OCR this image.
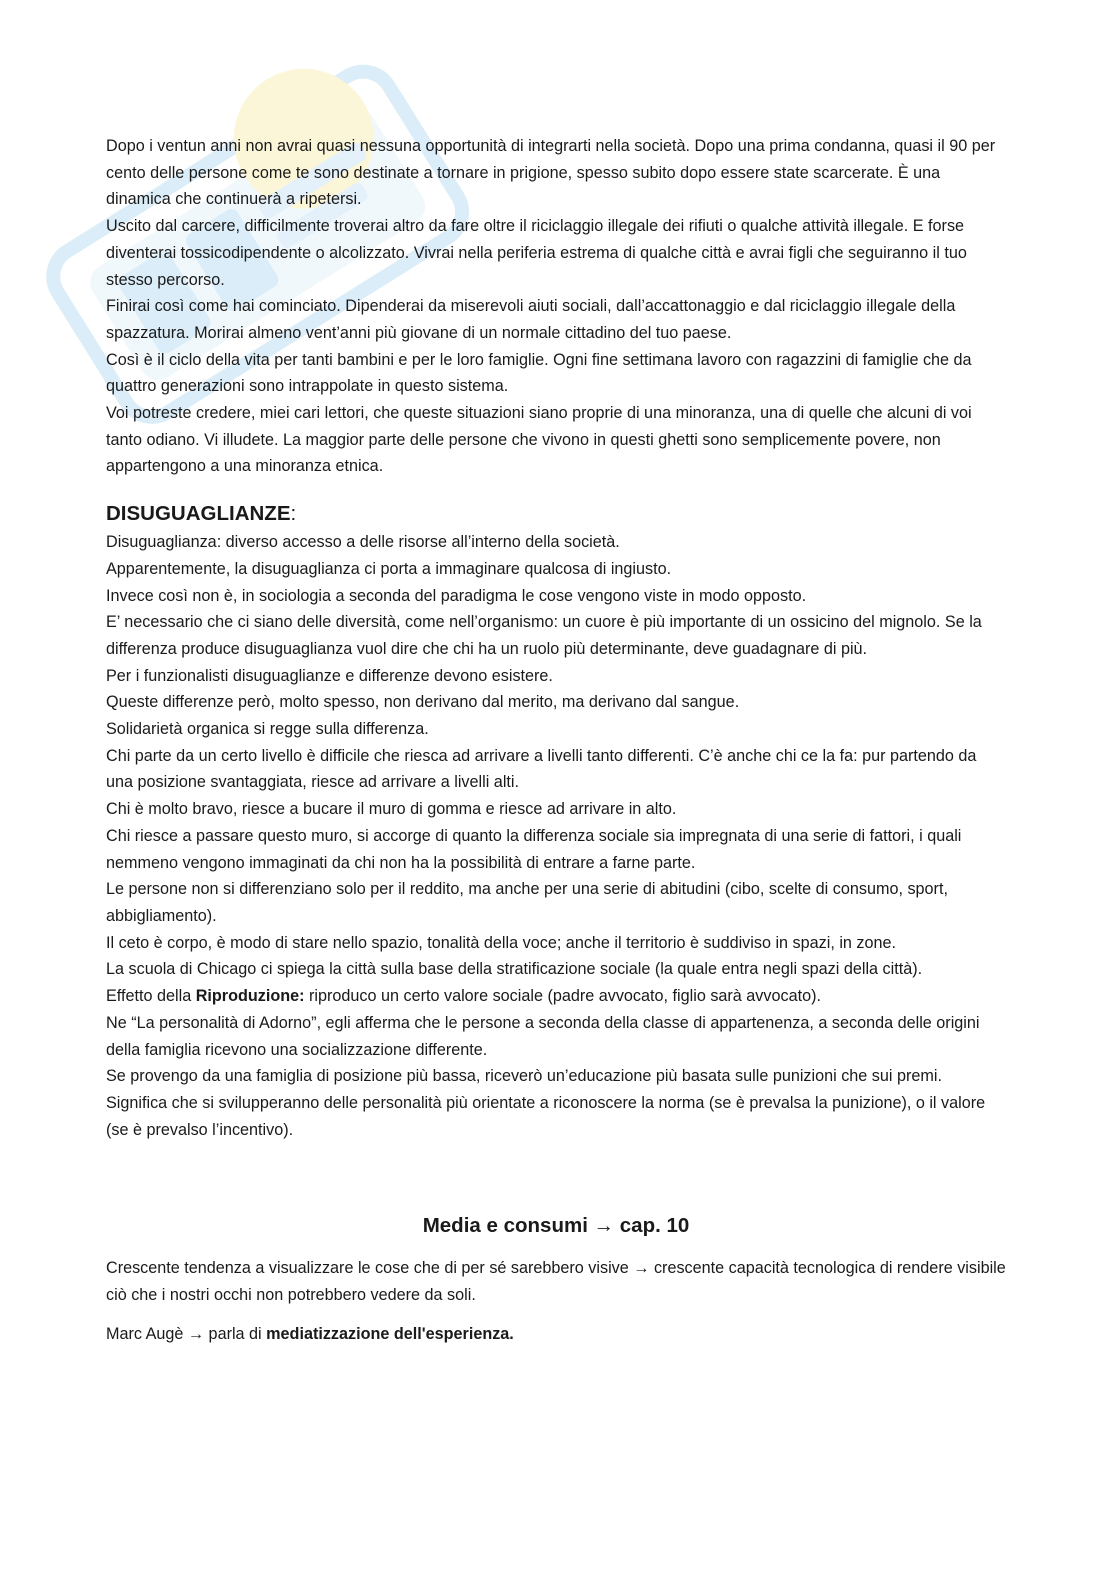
Dopo i ventun anni non avrai quasi nessuna opportunità di integrarti nella società. Dopo una prima condanna, quasi il 90 per cento delle persone come te sono destinate a tornare in prigione, spesso subito dopo essere state scarcerate. È una dinamica che continuerà a ripetersi.

Uscito dal carcere, difficilmente troverai altro da fare oltre il riciclaggio illegale dei rifiuti o qualche attività illegale. E forse diventerai tossicodipendente o alcolizzato. Vivrai nella periferia estrema di qualche città e avrai figli che seguiranno il tuo stesso percorso.

Finirai così come hai cominciato. Dipenderai da miserevoli aiuti sociali, dall’accattonaggio e dal riciclaggio illegale della spazzatura. Morirai almeno vent’anni più giovane di un normale cittadino del tuo paese.

Così è il ciclo della vita per tanti bambini e per le loro famiglie. Ogni fine settimana lavoro con ragazzini di famiglie che da quattro generazioni sono intrappolate in questo sistema.

Voi potreste credere, miei cari lettori, che queste situazioni siano proprie di una minoranza, una di quelle che alcuni di voi tanto odiano. Vi illudete. La maggior parte delle persone che vivono in questi ghetti sono semplicemente povere, non appartengono a una minoranza etnica.

DISUGUAGLIANZE:

Disuguaglianza: diverso accesso a delle risorse all’interno della società.

Apparentemente, la disuguaglianza ci porta a immaginare qualcosa di ingiusto.

Invece così non è, in sociologia a seconda del paradigma le cose vengono viste in modo opposto.

E’ necessario che ci siano delle diversità, come nell’organismo: un cuore è più importante di un ossicino del mignolo. Se la differenza produce disuguaglianza vuol dire che chi ha un ruolo più determinante, deve guadagnare di più.

Per i funzionalisti disuguaglianze e differenze devono esistere.

Queste differenze però, molto spesso, non derivano dal merito, ma derivano dal sangue.

Solidarietà organica si regge sulla differenza.

Chi parte da un certo livello è difficile che riesca ad arrivare a livelli tanto differenti. C’è anche chi ce la fa: pur partendo da una posizione svantaggiata, riesce ad arrivare a livelli alti.

Chi è molto bravo, riesce a bucare il muro di gomma e riesce ad arrivare in alto.

Chi riesce a passare questo muro, si accorge di quanto la differenza sociale sia impregnata di una serie di fattori, i quali nemmeno vengono immaginati da chi non ha la possibilità di entrare a farne parte.

Le persone non si differenziano solo per il reddito, ma anche per una serie di abitudini (cibo, scelte di consumo, sport, abbigliamento).

Il ceto è corpo, è modo di stare nello spazio, tonalità della voce; anche il territorio è suddiviso in spazi, in zone.

La scuola di Chicago ci spiega la città sulla base della stratificazione sociale (la quale entra negli spazi della città).

Effetto della Riproduzione: riproduco un certo valore sociale (padre avvocato, figlio sarà avvocato).

Ne “La personalità di Adorno”, egli afferma che le persone a seconda della classe di appartenenza, a seconda delle origini della famiglia ricevono una socializzazione differente.

Se provengo da una famiglia di posizione più bassa, riceverò un’educazione più basata sulle punizioni che sui premi.

Significa che si svilupperanno delle personalità più orientate a riconoscere la norma (se è prevalsa la punizione), o il valore (se è prevalso l’incentivo).

Media e consumi → cap. 10

Crescente tendenza a visualizzare le cose che di per sé sarebbero visive → crescente capacità tecnologica di rendere visibile ciò che i nostri occhi non potrebbero vedere da soli.

Marc Augè → parla di mediatizzazione dell'esperienza.
